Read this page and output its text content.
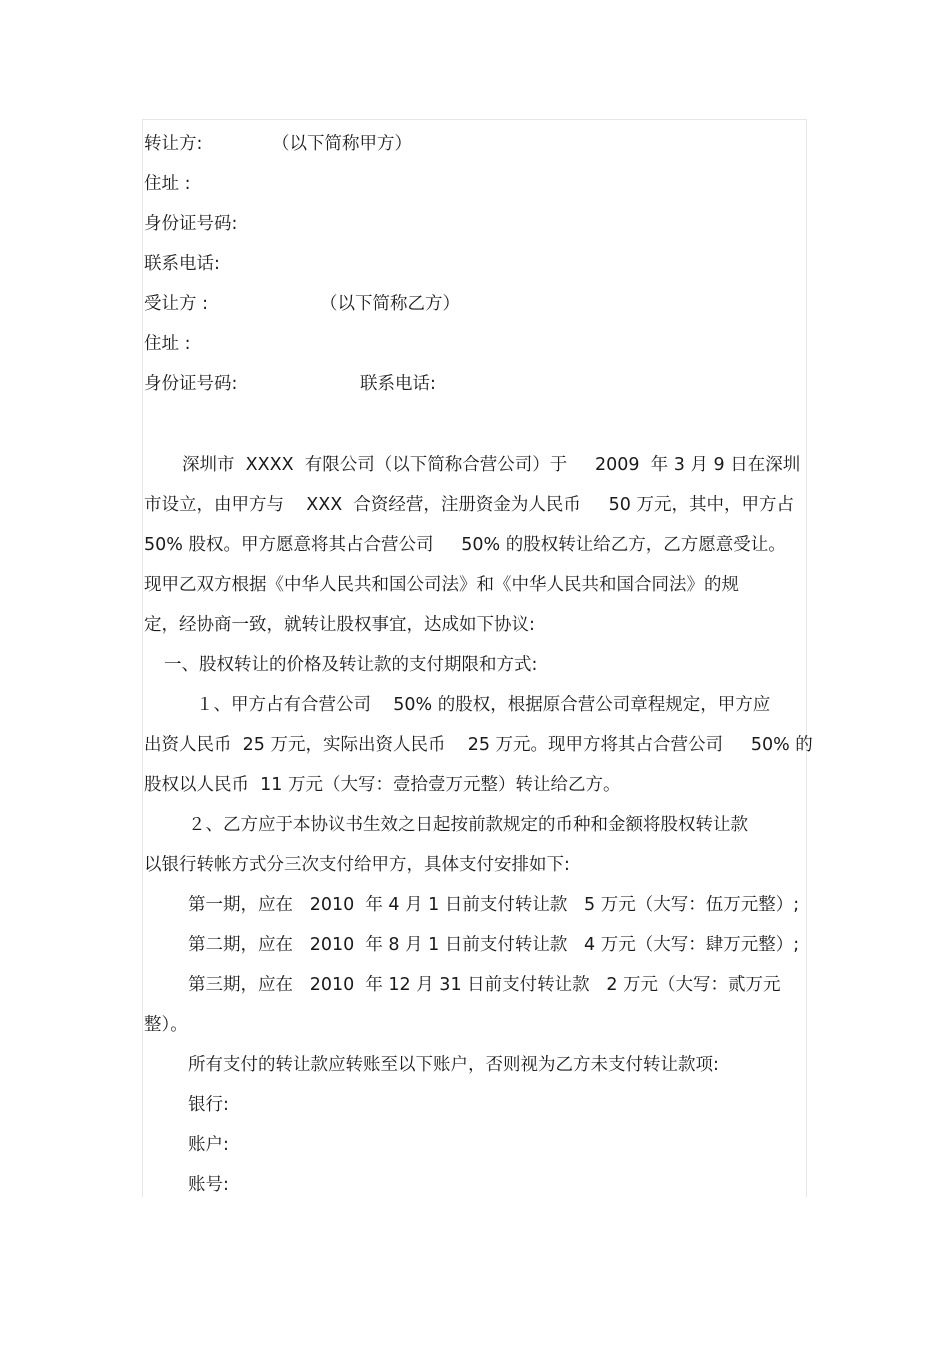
转让方:	（以下简称甲方）

住址 :

身份证号码:

联系电话:

受让方 :	（以下简称乙方）

住址 :

身份证号码:	联系电话:

深圳市  XXXX  有限公司（以下简称合营公司）于     2009  年 3 月 9 日在深圳

市设立，由甲方与    XXX  合资经营，注册资金为人民币     50 万元，其中，甲方占

50% 股权。甲方愿意将其占合营公司     50% 的股权转让给乙方，乙方愿意受让。

现甲乙双方根据《中华人民共和国公司法》和《中华人民共和国合同法》的规

定，经协商一致，就转让股权事宜，达成如下协议:

一、股权转让的价格及转让款的支付期限和方式:

１、甲方占有合营公司    50% 的股权，根据原合营公司章程规定，甲方应

出资人民币  25 万元，实际出资人民币    25 万元。现甲方将其占合营公司     50% 的

股权以人民币  11 万元（大写：壹拾壹万元整）转让给乙方。

２、乙方应于本协议书生效之日起按前款规定的币种和金额将股权转让款

以银行转帐方式分三次支付给甲方，具体支付安排如下:

第一期，应在   2010  年 4 月 1 日前支付转让款   5 万元（大写：伍万元整）;

第二期，应在   2010  年 8 月 1 日前支付转让款   4 万元（大写：肆万元整）;

第三期，应在   2010  年 12 月 31 日前支付转让款   2 万元（大写：贰万元

整）。

所有支付的转让款应转账至以下账户，否则视为乙方未支付转让款项:

银行:

账户:

账号:
